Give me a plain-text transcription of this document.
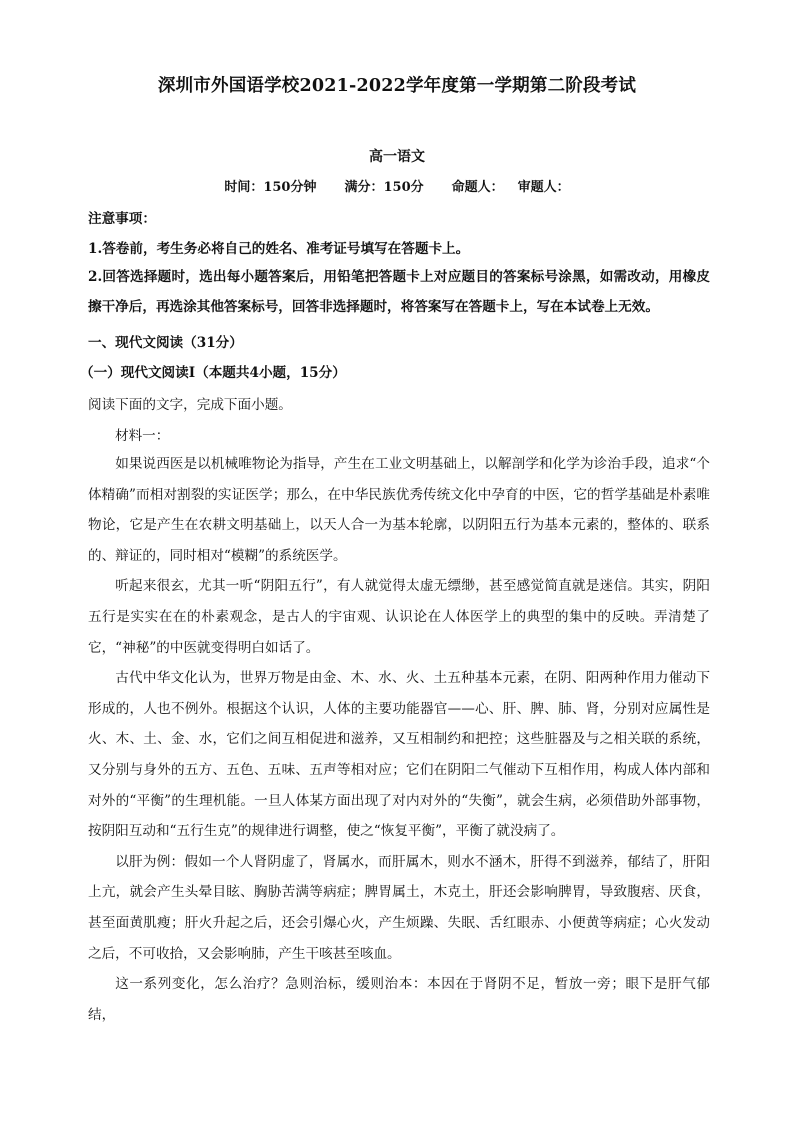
深圳市外国语学校2021-2022学年度第一学期第二阶段考试
高一语文
时间：150分钟 满分：150分 命题人： 审题人：
注意事项：
1.答卷前，考生务必将自己的姓名、准考证号填写在答题卡上。
2.回答选择题时，选出每小题答案后，用铅笔把答题卡上对应题目的答案标号涂黑，如需改动，用橡皮擦干净后，再选涂其他答案标号，回答非选择题时，将答案写在答题卡上，写在本试卷上无效。
一、现代文阅读（31分）
（一）现代文阅读Ⅰ（本题共4小题，15分）
阅读下面的文字，完成下面小题。
材料一：

如果说西医是以机械唯物论为指导，产生在工业文明基础上，以解剖学和化学为诊治手段，追求“个体精确”而相对割裂的实证医学；那么，在中华民族优秀传统文化中孕育的中医，它的哲学基础是朴素唯物论，它是产生在农耕文明基础上，以天人合一为基本轮廓，以阴阳五行为基本元素的，整体的、联系的、辩证的，同时相对“模糊”的系统医学。

听起来很玄，尤其一听“阴阳五行”，有人就觉得太虚无缥缈，甚至感觉简直就是迷信。其实，阴阳五行是实实在在的朴素观念，是古人的宇宙观、认识论在人体医学上的典型的集中的反映。弄清楚了它，“神秘”的中医就变得明白如话了。

古代中华文化认为，世界万物是由金、木、水、火、土五种基本元素，在阴、阳两种作用力催动下形成的，人也不例外。根据这个认识，人体的主要功能器官——心、肝、脾、肺、肾，分别对应属性是火、木、土、金、水，它们之间互相促进和滋养，又互相制约和把控；这些脏器及与之相关联的系统，又分别与身外的五方、五色、五味、五声等相对应；它们在阴阳二气催动下互相作用，构成人体内部和对外的“平衡”的生理机能。一旦人体某方面出现了对内对外的“失衡”，就会生病，必须借助外部事物，按阴阳互动和“五行生克”的规律进行调整，使之“恢复平衡”，平衡了就没病了。

以肝为例：假如一个人肾阴虚了，肾属水，而肝属木，则水不涵木，肝得不到滋养，郁结了，肝阳上亢，就会产生头晕目眩、胸胁苦满等病症；脾胃属土，木克土，肝还会影响脾胃，导致腹痞、厌食，甚至面黄肌瘦；肝火升起之后，还会引爆心火，产生烦躁、失眠、舌红眼赤、小便黄等病症；心火发动之后，不可收拾，又会影响肺，产生干咳甚至咳血。

这一系列变化，怎么治疗？急则治标，缓则治本：本因在于肾阴不足，暂放一旁；眼下是肝气郁结，
